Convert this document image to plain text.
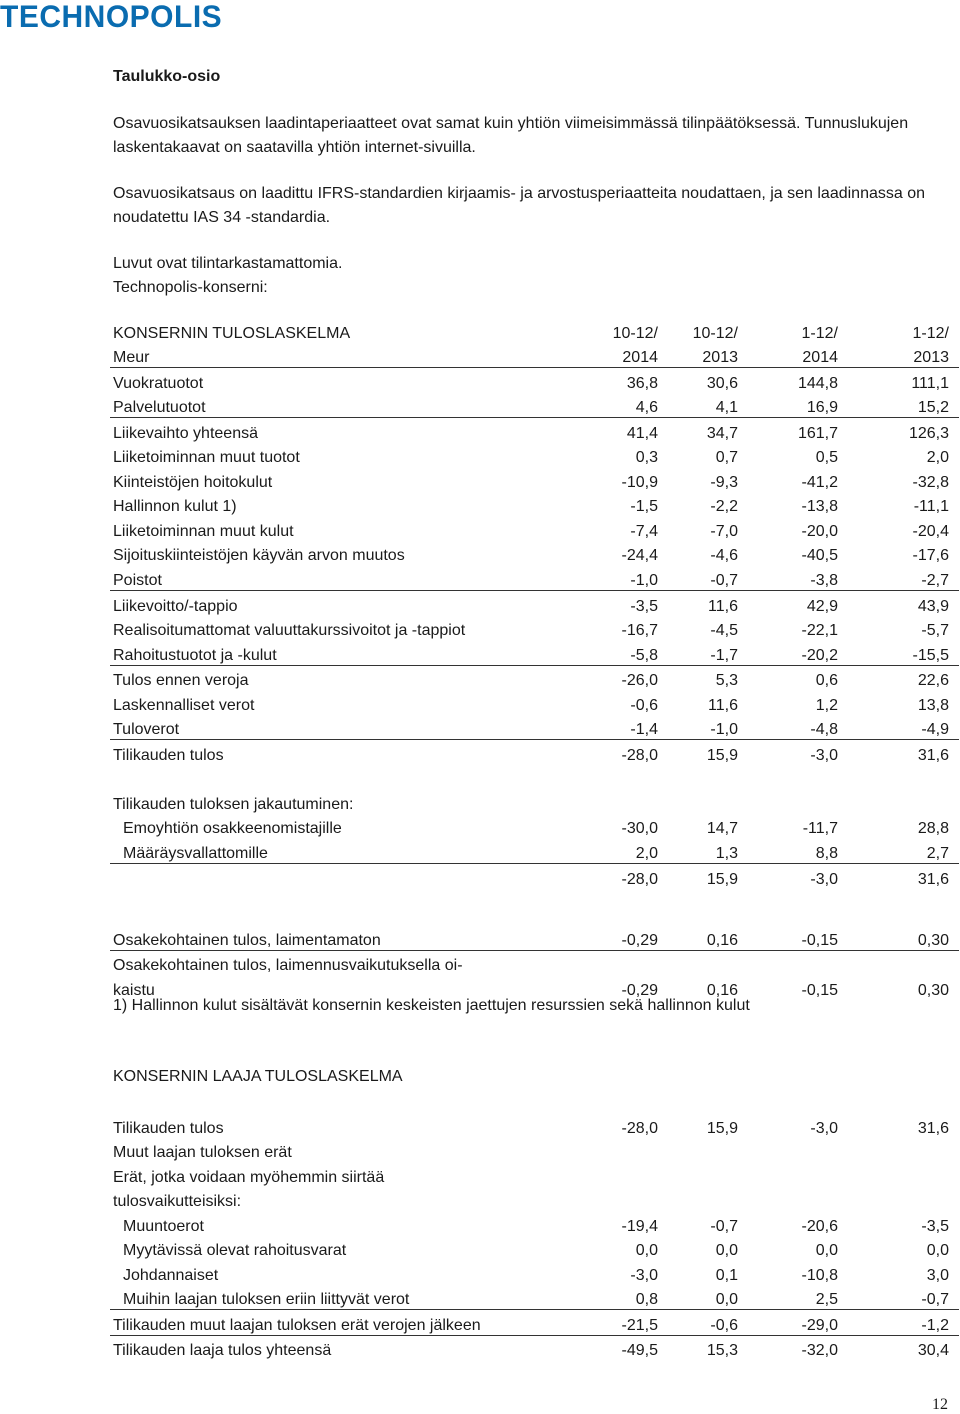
TECHNOPOLIS
Taulukko-osio

Osavuosikatsauksen laadintaperiaatteet ovat samat kuin yhtiön viimeisimmässä tilinpäätöksessä. Tunnuslukujen laskentakaavat on saatavilla yhtiön internet-sivuilla.

Osavuosikatsaus on laadittu IFRS-standardien kirjaamis- ja arvostusperiaatteita noudattaen, ja sen laadinnassa on noudatettu IAS 34 -standardia.

Luvut ovat tilintarkastamattomia.

Technopolis-konserni:

KONSERNIN TULOSLASKELMA	10-12/	10-12/	1-12/	1-12/
Meur	2014	2013	2014	2013
Vuokratuotot	36,8	30,6	144,8	111,1
Palvelutuotot	4,6	4,1	16,9	15,2
Liikevaihto yhteensä	41,4	34,7	161,7	126,3
Liiketoiminnan muut tuotot	0,3	0,7	0,5	2,0
Kiinteistöjen hoitokulut	-10,9	-9,3	-41,2	-32,8
Hallinnon kulut 1)	-1,5	-2,2	-13,8	-11,1
Liiketoiminnan muut kulut	-7,4	-7,0	-20,0	-20,4
Sijoituskiinteistöjen käyvän arvon muutos	-24,4	-4,6	-40,5	-17,6
Poistot	-1,0	-0,7	-3,8	-2,7
Liikevoitto/-tappio	-3,5	11,6	42,9	43,9
Realisoitumattomat valuuttakurssivoitot ja -tappiot	-16,7	-4,5	-22,1	-5,7
Rahoitustuotot ja -kulut	-5,8	-1,7	-20,2	-15,5
Tulos ennen veroja	-26,0	5,3	0,6	22,6
Laskennalliset verot	-0,6	11,6	1,2	13,8
Tuloverot	-1,4	-1,0	-4,8	-4,9
Tilikauden tulos	-28,0	15,9	-3,0	31,6

Tilikauden tuloksen jakautuminen:				
Emoyhtiön osakkeenomistajille	-30,0	14,7	-11,7	28,8
Määräysvallattomille	2,0	1,3	8,8	2,7
	-28,0	15,9	-3,0	31,6
Osakekohtainen tulos, laimentamaton	-0,29	0,16	-0,15	0,30
Osakekohtainen tulos, laimennusvaikutuksella oi-				
kaistu	-0,29	0,16	-0,15	0,30
1) Hallinnon kulut sisältävät konsernin keskeisten jaettujen resurssien sekä hallinnon kulut
KONSERNIN LAAJA TULOSLASKELMA
Tilikauden tulos	-28,0	15,9	-3,0	31,6
Muut laajan tuloksen erät				
Erät, jotka voidaan myöhemmin siirtää				
tulosvaikutteisiksi:				
Muuntoerot	-19,4	-0,7	-20,6	-3,5
Myytävissä olevat rahoitusvarat	0,0	0,0	0,0	0,0
Johdannaiset	-3,0	0,1	-10,8	3,0
Muihin laajan tuloksen eriin liittyvät verot	0,8	0,0	2,5	-0,7
Tilikauden muut laajan tuloksen erät verojen jälkeen	-21,5	-0,6	-29,0	-1,2
Tilikauden laaja tulos yhteensä	-49,5	15,3	-32,0	30,4
12
